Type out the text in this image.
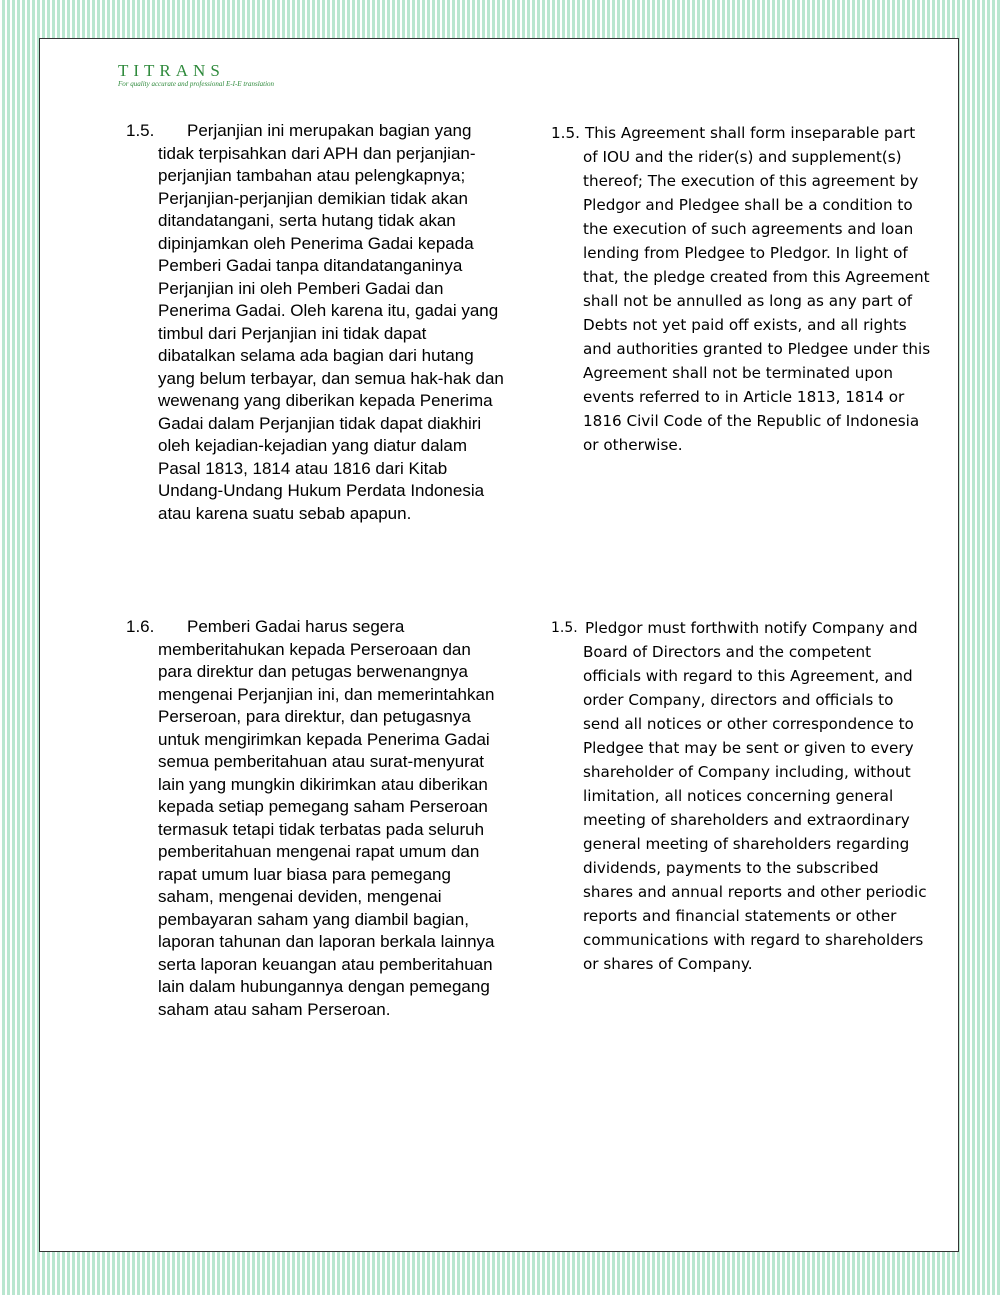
TITRANS
For quality accurate and professional E-I-E translation
1.5.	Perjanjian ini merupakan bagian yang tidak terpisahkan dari APH dan perjanjian-perjanjian tambahan atau pelengkapnya; Perjanjian-perjanjian demikian tidak akan ditandatangani, serta hutang tidak akan dipinjamkan oleh Penerima Gadai kepada Pemberi Gadai tanpa ditandatanganinya Perjanjian ini oleh Pemberi Gadai dan Penerima Gadai. Oleh karena itu, gadai yang timbul dari Perjanjian ini tidak dapat dibatalkan selama ada bagian dari hutang yang belum terbayar, dan semua hak-hak dan wewenang yang diberikan kepada Penerima Gadai dalam Perjanjian tidak dapat diakhiri oleh kejadian-kejadian yang diatur dalam Pasal 1813, 1814 atau 1816 dari Kitab Undang-Undang Hukum Perdata Indonesia atau karena suatu sebab apapun.
1.5. This Agreement shall form inseparable part of IOU and the rider(s) and supplement(s) thereof; The execution of this agreement by Pledgor and Pledgee shall be a condition to the execution of such agreements and loan lending from Pledgee to Pledgor. In light of that, the pledge created from this Agreement shall not be annulled as long as any part of Debts not yet paid off exists, and all rights and authorities granted to Pledgee under this Agreement shall not be terminated upon events referred to in Article 1813, 1814 or 1816 Civil Code of the Republic of Indonesia or otherwise.
1.6.	Pemberi Gadai harus segera memberitahukan kepada Perseroaan dan para direktur dan petugas berwenangnya mengenai Perjanjian ini, dan memerintahkan Perseroan, para direktur, dan petugasnya untuk mengirimkan kepada Penerima Gadai semua pemberitahuan atau surat-menyurat lain yang mungkin dikirimkan atau diberikan kepada setiap pemegang saham Perseroan termasuk tetapi tidak terbatas pada seluruh pemberitahuan mengenai rapat umum dan rapat umum luar biasa para pemegang saham, mengenai deviden, mengenai pembayaran saham yang diambil bagian, laporan tahunan dan laporan berkala lainnya serta laporan keuangan atau pemberitahuan lain dalam hubungannya dengan pemegang saham atau saham Perseroan.
1.5. Pledgor must forthwith notify Company and Board of Directors and the competent officials with regard to this Agreement, and order Company, directors and officials to send all notices or other correspondence to Pledgee that may be sent or given to every shareholder of Company including, without limitation, all notices concerning general meeting of shareholders and extraordinary general meeting of shareholders regarding dividends, payments to the subscribed shares and annual reports and other periodic reports and financial statements or other communications with regard to shareholders or shares of Company.
